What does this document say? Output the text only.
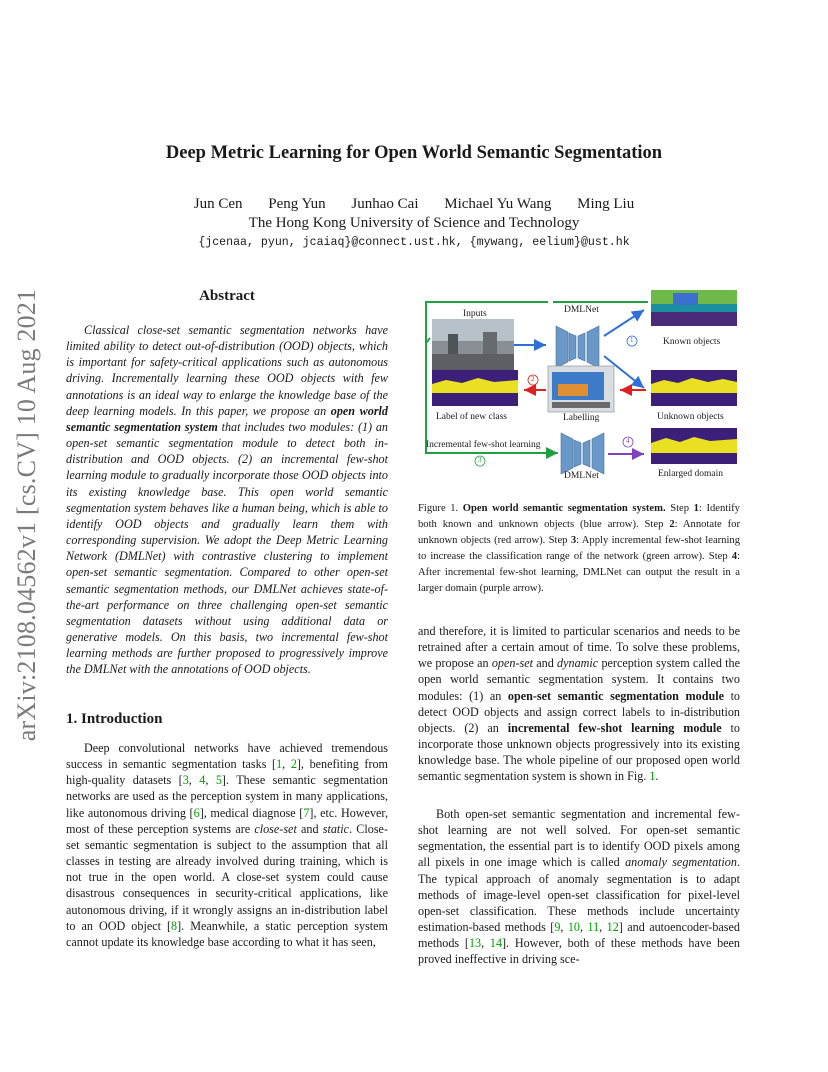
Deep Metric Learning for Open World Semantic Segmentation
Jun Cen Peng Yun Junhao Cai Michael Yu Wang Ming Liu
The Hong Kong University of Science and Technology
{jcenaa, pyun, jcaiaq}@connect.ust.hk, {mywang, eelium}@ust.hk
arXiv:2108.04562v1 [cs.CV] 10 Aug 2021	Abstract
Classical close-set semantic segmentation networks have limited ability to detect out-of-distribution (OOD) objects, which is important for safety-critical applications such as autonomous driving. Incrementally learning these OOD objects with few annotations is an ideal way to enlarge the knowledge base of the deep learning models. In this paper, we propose an open world semantic segmentation system that includes two modules: (1) an open-set semantic segmentation module to detect both in-distribution and OOD objects. (2) an incremental few-shot learning module to gradually incorporate those OOD objects into its existing knowledge base. This open world semantic segmentation system behaves like a human being, which is able to identify OOD objects and gradually learn them with corresponding supervision. We adopt the Deep Metric Learning Network (DMLNet) with contrastive clustering to implement open-set semantic segmentation. Compared to other open-set semantic segmentation methods, our DMLNet achieves state-of-the-art performance on three challenging open-set semantic segmentation datasets without using additional data or generative models. On this basis, two incremental few-shot learning methods are further proposed to progressively improve the DMLNet with the annotations of OOD objects.
1. Introduction
Deep convolutional networks have achieved tremendous success in semantic segmentation tasks [1, 2], benefiting from high-quality datasets [3, 4, 5]. These semantic segmentation networks are used as the perception system in many applications, like autonomous driving [6], medical diagnose [7], etc. However, most of these perception systems are close-set and static. Close-set semantic segmentation is subject to the assumption that all classes in testing are already involved during training, which is not true in the open world. A close-set system could cause disastrous consequences in security-critical applications, like autonomous driving, if it wrongly assigns an in-distribution label to an OOD object [8]. Meanwhile, a static perception system cannot update its knowledge base according to what it has seen,
Inputs	DMLNet
Known objects
Label of new class	Labelling	Unknown objects
Incremental few-shot learning
DMLNet	Enlarged domain
1
2
3
4
Figure 1. Open world semantic segmentation system. Step 1: Identify both known and unknown objects (blue arrow). Step 2: Annotate for unknown objects (red arrow). Step 3: Apply incremental few-shot learning to increase the classification range of the network (green arrow). Step 4: After incremental few-shot learning, DMLNet can output the result in a larger domain (purple arrow).
and therefore, it is limited to particular scenarios and needs to be retrained after a certain amout of time. To solve these problems, we propose an open-set and dynamic perception system called the open world semantic segmentation system. It contains two modules: (1) an open-set semantic segmentation module to detect OOD objects and assign correct labels to in-distribution objects. (2) an incremental few-shot learning module to incorporate those unknown objects progressively into its existing knowledge base. The whole pipeline of our proposed open world semantic segmentation system is shown in Fig. 1.
Both open-set semantic segmentation and incremental few-shot learning are not well solved. For open-set semantic segmentation, the essential part is to identify OOD pixels among all pixels in one image which is called anomaly segmentation. The typical approach of anomaly segmentation is to adapt methods of image-level open-set classification for pixel-level open-set classification. These methods include uncertainty estimation-based methods [9, 10, 11, 12] and autoencoder-based methods [13, 14]. However, both of these methods have been proved ineffective in driving sce-
